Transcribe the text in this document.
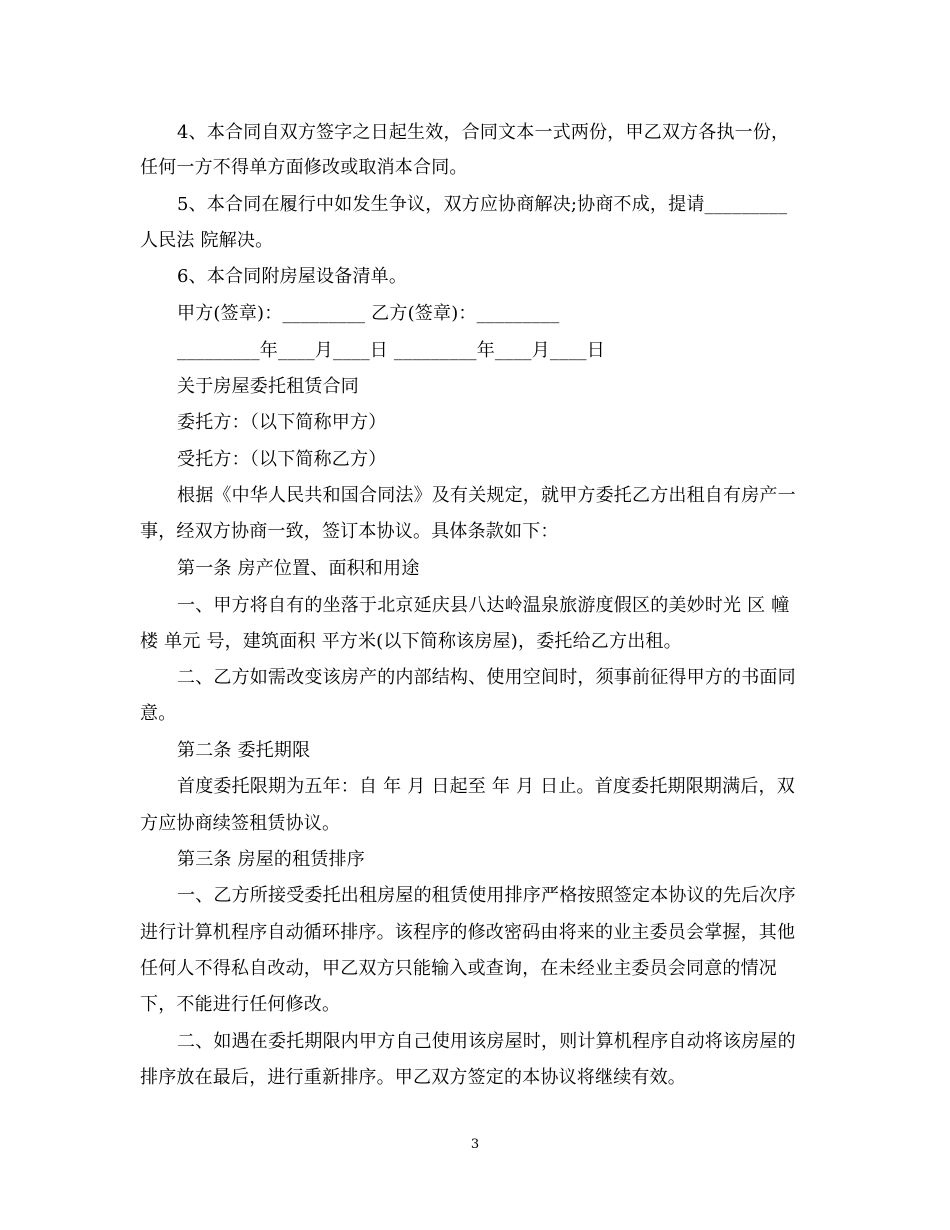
4、本合同自双方签字之日起生效，合同文本一式两份，甲乙双方各执一份，
任何一方不得单方面修改或取消本合同。
5、本合同在履行中如发生争议，双方应协商解决;协商不成，提请_________
人民法 院解决。
6、本合同附房屋设备清单。
甲方(签章)：_________ 乙方(签章)：_________
_________年____月____日 _________年____月____日
关于房屋委托租赁合同
委托方：（以下简称甲方）
受托方：（以下简称乙方）
根据《中华人民共和国合同法》及有关规定，就甲方委托乙方出租自有房产一
事，经双方协商一致，签订本协议。具体条款如下：
第一条 房产位置、面积和用途
一、甲方将自有的坐落于北京延庆县八达岭温泉旅游度假区的美妙时光 区 幢
楼 单元 号，建筑面积 平方米(以下简称该房屋)，委托给乙方出租。
二、乙方如需改变该房产的内部结构、使用空间时，须事前征得甲方的书面同
意。
第二条 委托期限
首度委托限期为五年：自 年 月 日起至 年 月 日止。首度委托期限期满后，双
方应协商续签租赁协议。
第三条 房屋的租赁排序
一、乙方所接受委托出租房屋的租赁使用排序严格按照签定本协议的先后次序
进行计算机程序自动循环排序。该程序的修改密码由将来的业主委员会掌握，其他
任何人不得私自改动，甲乙双方只能输入或查询，在未经业主委员会同意的情况
下，不能进行任何修改。
二、如遇在委托期限内甲方自己使用该房屋时，则计算机程序自动将该房屋的
排序放在最后，进行重新排序。甲乙双方签定的本协议将继续有效。
3
